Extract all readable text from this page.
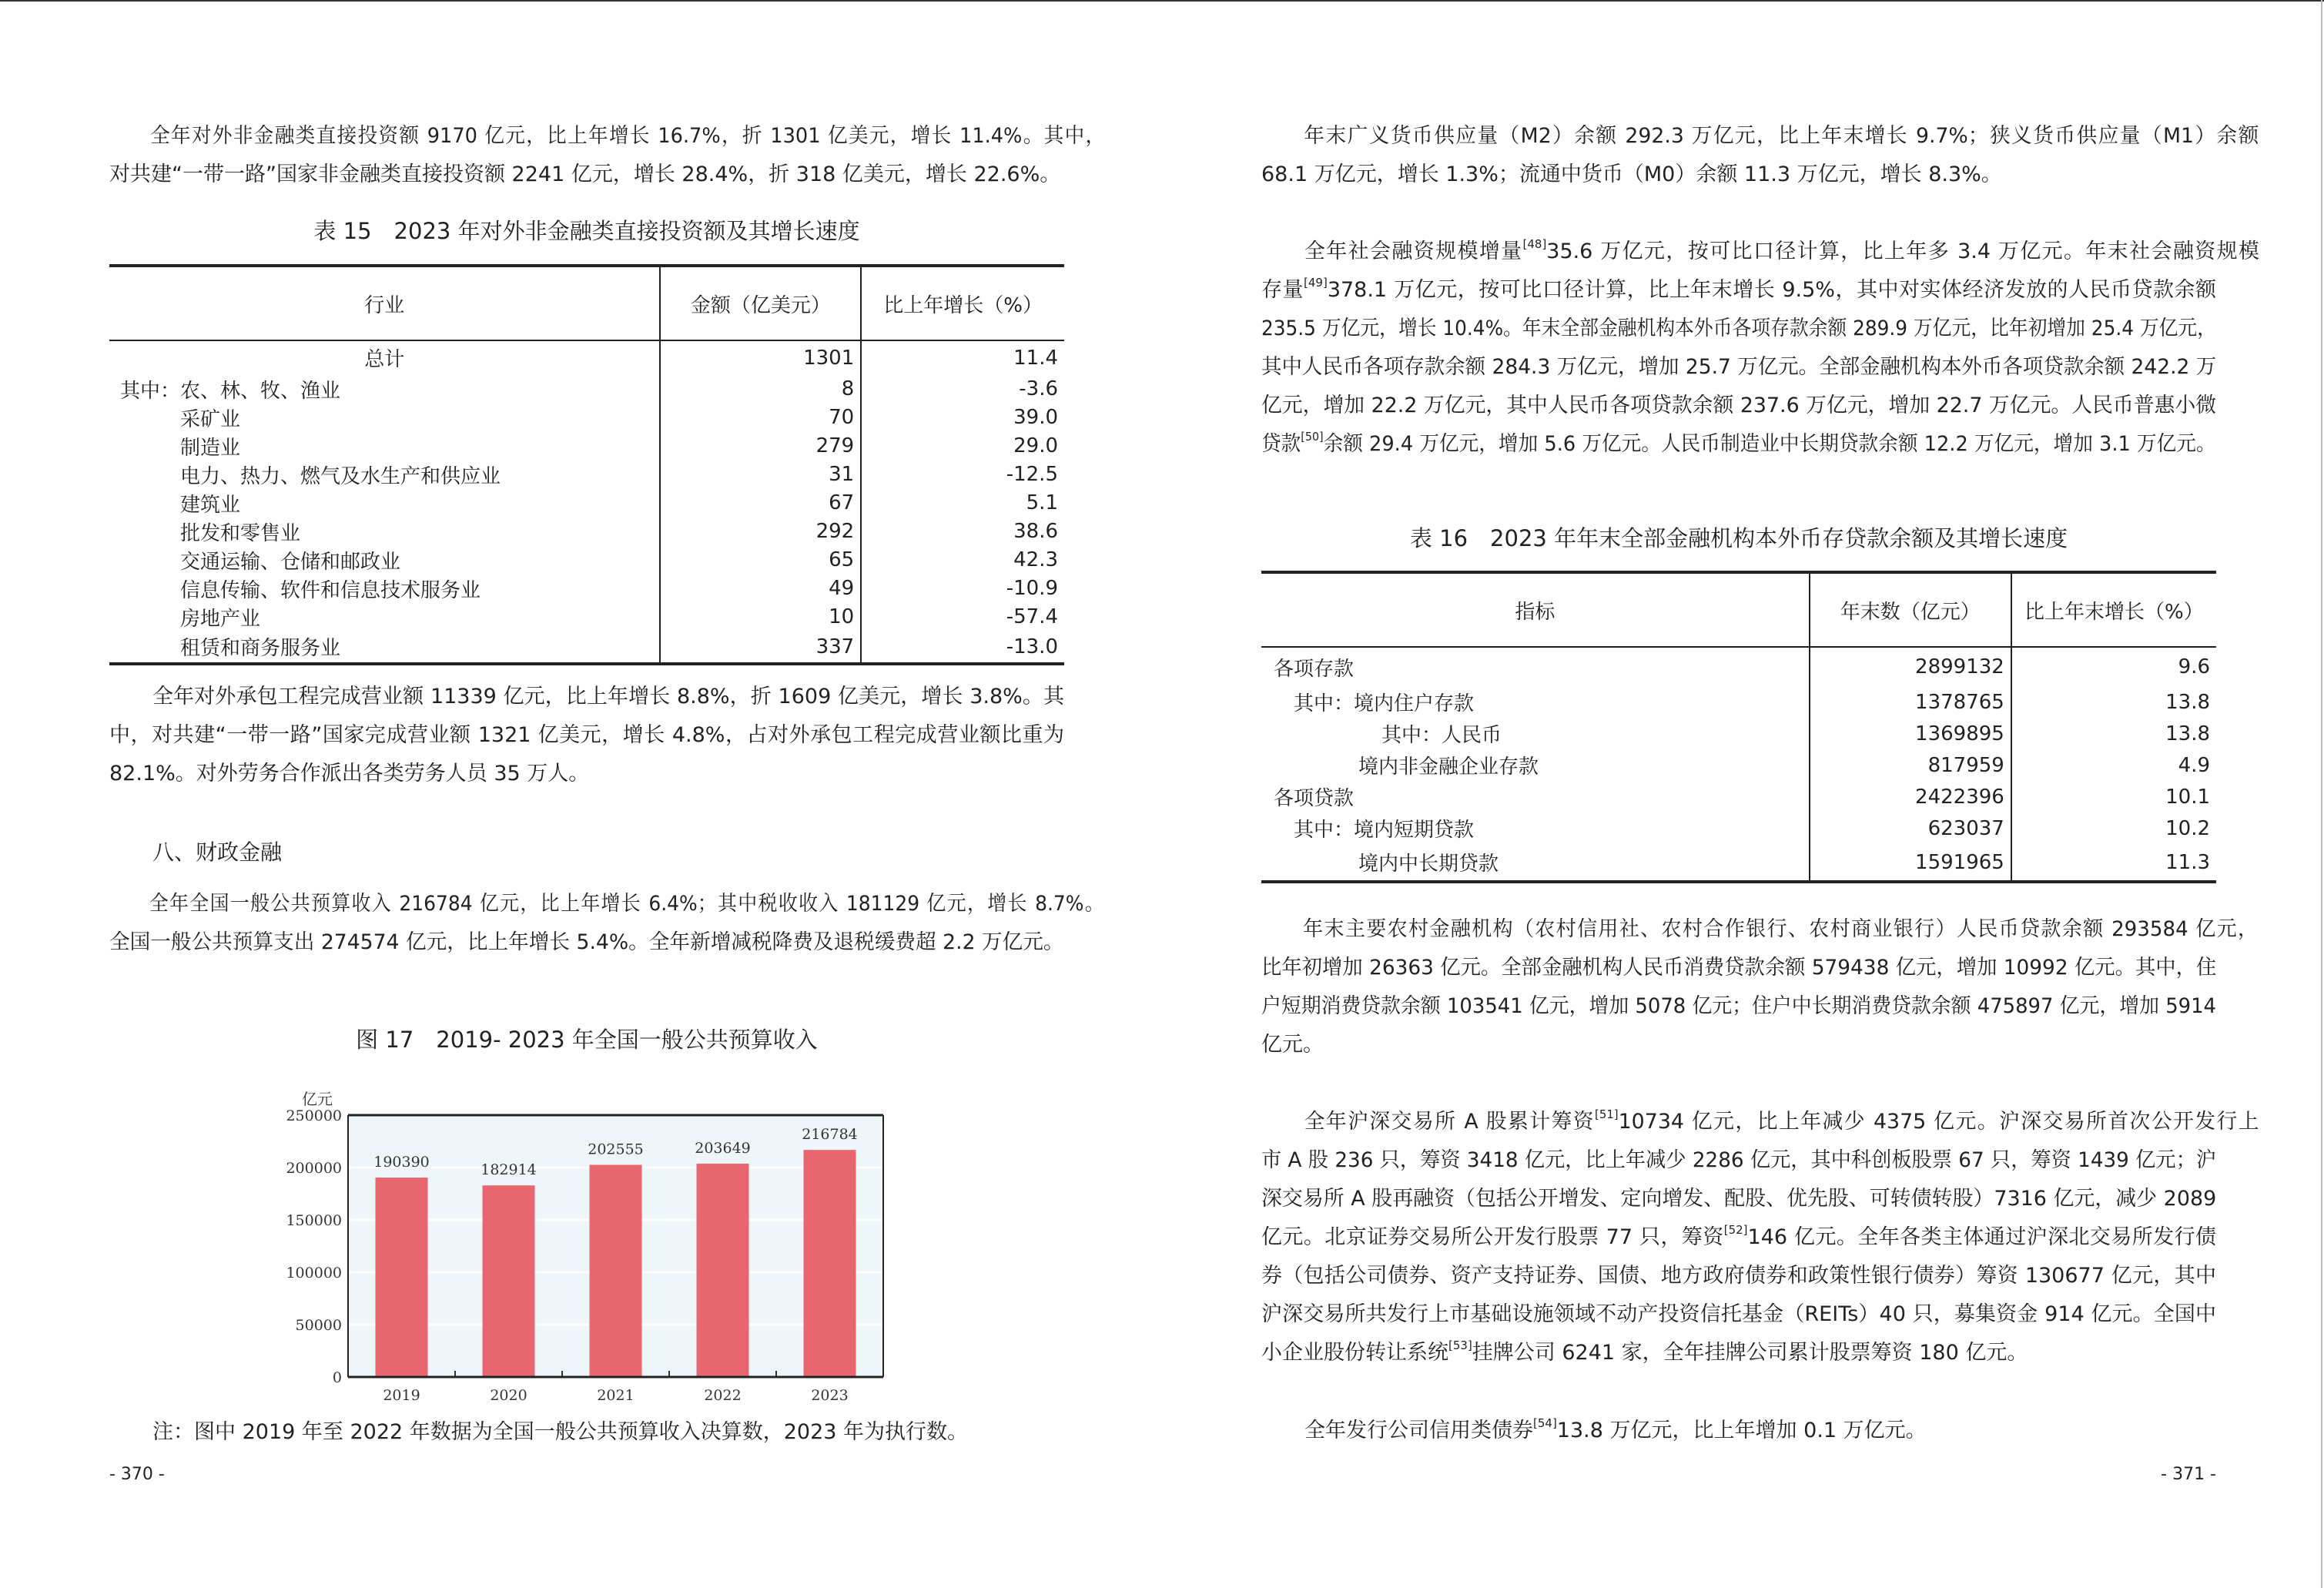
全年对外非金融类直接投资额 9170 亿元，比上年增长 16.7%，折 1301 亿美元，增长 11.4%。其中，
对共建“一带一路”国家非金融类直接投资额 2241 亿元，增长 28.4%，折 318 亿美元，增长 22.6%。
表 15　2023 年对外非金融类直接投资额及其增长速度
行业	金额（亿美元）	比上年增长（%）
总计	1301	11.4
其中：农、林、牧、渔业	8	-3.6
采矿业	70	39.0
制造业	279	29.0
电力、热力、燃气及水生产和供应业	31	-12.5
建筑业	67	5.1
批发和零售业	292	38.6
交通运输、仓储和邮政业	65	42.3
信息传输、软件和信息技术服务业	49	-10.9
房地产业	10	-57.4
租赁和商务服务业	337	-13.0
全年对外承包工程完成营业额 11339 亿元，比上年增长 8.8%，折 1609 亿美元，增长 3.8%。其
中，对共建“一带一路”国家完成营业额 1321 亿美元，增长 4.8%，占对外承包工程完成营业额比重为
82.1%。对外劳务合作派出各类劳务人员 35 万人。
八、财政金融
全年全国一般公共预算收入 216784 亿元，比上年增长 6.4%；其中税收收入 181129 亿元，增长 8.7%。
全国一般公共预算支出 274574 亿元，比上年增长 5.4%。全年新增减税降费及退税缓费超 2.2 万亿元。
图 17　2019- 2023 年全国一般公共预算收入
0
50000
100000
150000
200000
250000
亿元
190390
2019
182914
2020
202555
2021
203649
2022
216784
2023
注：图中 2019 年至 2022 年数据为全国一般公共预算收入决算数，2023 年为执行数。
- 370 -
年末广义货币供应量（M2）余额 292.3 万亿元，比上年末增长 9.7%；狭义货币供应量（M1）余额
68.1 万亿元，增长 1.3%；流通中货币（M0）余额 11.3 万亿元，增长 8.3%。
全年社会融资规模增量[48]35.6 万亿元，按可比口径计算，比上年多 3.4 万亿元。年末社会融资规模
存量[49]378.1 万亿元，按可比口径计算，比上年末增长 9.5%，其中对实体经济发放的人民币贷款余额
235.5 万亿元，增长 10.4%。年末全部金融机构本外币各项存款余额 289.9 万亿元，比年初增加 25.4 万亿元，
其中人民币各项存款余额 284.3 万亿元，增加 25.7 万亿元。全部金融机构本外币各项贷款余额 242.2 万
亿元，增加 22.2 万亿元，其中人民币各项贷款余额 237.6 万亿元，增加 22.7 万亿元。人民币普惠小微
贷款[50]余额 29.4 万亿元，增加 5.6 万亿元。人民币制造业中长期贷款余额 12.2 万亿元，增加 3.1 万亿元。
表 16　2023 年年末全部金融机构本外币存贷款余额及其增长速度
指标	年末数（亿元）	比上年末增长（%）
各项存款	2899132	9.6
其中：境内住户存款	1378765	13.8
其中：人民币	1369895	13.8
境内非金融企业存款	817959	4.9
各项贷款	2422396	10.1
其中：境内短期贷款	623037	10.2
境内中长期贷款	1591965	11.3
年末主要农村金融机构（农村信用社、农村合作银行、农村商业银行）人民币贷款余额 293584 亿元，
比年初增加 26363 亿元。全部金融机构人民币消费贷款余额 579438 亿元，增加 10992 亿元。其中，住
户短期消费贷款余额 103541 亿元，增加 5078 亿元；住户中长期消费贷款余额 475897 亿元，增加 5914
亿元。
全年沪深交易所 A 股累计筹资[51]10734 亿元，比上年减少 4375 亿元。沪深交易所首次公开发行上
市 A 股 236 只，筹资 3418 亿元，比上年减少 2286 亿元，其中科创板股票 67 只，筹资 1439 亿元；沪
深交易所 A 股再融资（包括公开增发、定向增发、配股、优先股、可转债转股）7316 亿元，减少 2089
亿元。北京证券交易所公开发行股票 77 只，筹资[52]146 亿元。全年各类主体通过沪深北交易所发行债
券（包括公司债券、资产支持证券、国债、地方政府债券和政策性银行债券）筹资 130677 亿元，其中
沪深交易所共发行上市基础设施领域不动产投资信托基金（REITs）40 只，募集资金 914 亿元。全国中
小企业股份转让系统[53]挂牌公司 6241 家，全年挂牌公司累计股票筹资 180 亿元。
全年发行公司信用类债券[54]13.8 万亿元，比上年增加 0.1 万亿元。
- 371 -
